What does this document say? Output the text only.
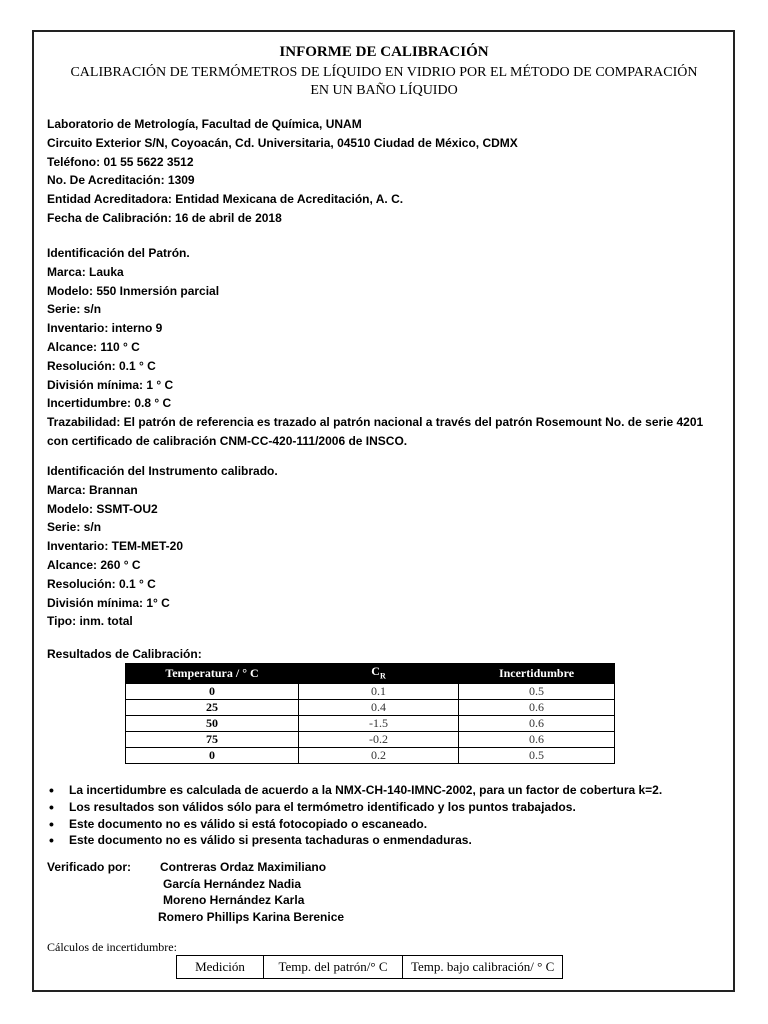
INFORME DE CALIBRACIÓN
CALIBRACIÓN DE TERMÓMETROS DE LÍQUIDO EN VIDRIO POR EL MÉTODO DE COMPARACIÓN
EN UN BAÑO LÍQUIDO
Laboratorio de Metrología, Facultad de Química, UNAM
Circuito Exterior S/N, Coyoacán, Cd. Universitaria, 04510 Ciudad de México, CDMX
Teléfono: 01 55 5622 3512
No. De Acreditación: 1309
Entidad Acreditadora: Entidad Mexicana de Acreditación, A. C.
Fecha de Calibración: 16 de abril de 2018
Identificación del Patrón.
Marca: Lauka
Modelo: 550 Inmersión parcial
Serie: s/n
Inventario: interno 9
Alcance: 110 ° C
Resolución: 0.1 ° C
División mínima: 1 ° C
Incertidumbre: 0.8 ° C
Trazabilidad: El patrón de referencia es trazado al patrón nacional a través del patrón Rosemount No. de serie 4201
con certificado de calibración CNM-CC-420-111/2006 de INSCO.
Identificación del Instrumento calibrado.
Marca: Brannan
Modelo: SSMT-OU2
Serie: s/n
Inventario: TEM-MET-20
Alcance: 260 ° C
Resolución: 0.1 ° C
División mínima: 1° C
Tipo: inm. total
Resultados de Calibración:
Temperatura / ° C	$C_R$	Incertidumbre
0	0.1	0.5
25	0.4	0.6
50	-1.5	0.6
75	-0.2	0.6
0	0.2	0.5
• La incertidumbre es calculada de acuerdo a la NMX-CH-140-IMNC-2002, para un factor de cobertura k=2.
• Los resultados son válidos sólo para el termómetro identificado y los puntos trabajados.
• Este documento no es válido si está fotocopiado o escaneado.
• Este documento no es válido si presenta tachaduras o enmendaduras.
Verificado por: Contreras Ordaz Maximiliano
García Hernández Nadia
Moreno Hernández Karla
Romero Phillips Karina Berenice
Cálculos de incertidumbre:
Medición	Temp. del patrón/° C	Temp. bajo calibración/ ° C
